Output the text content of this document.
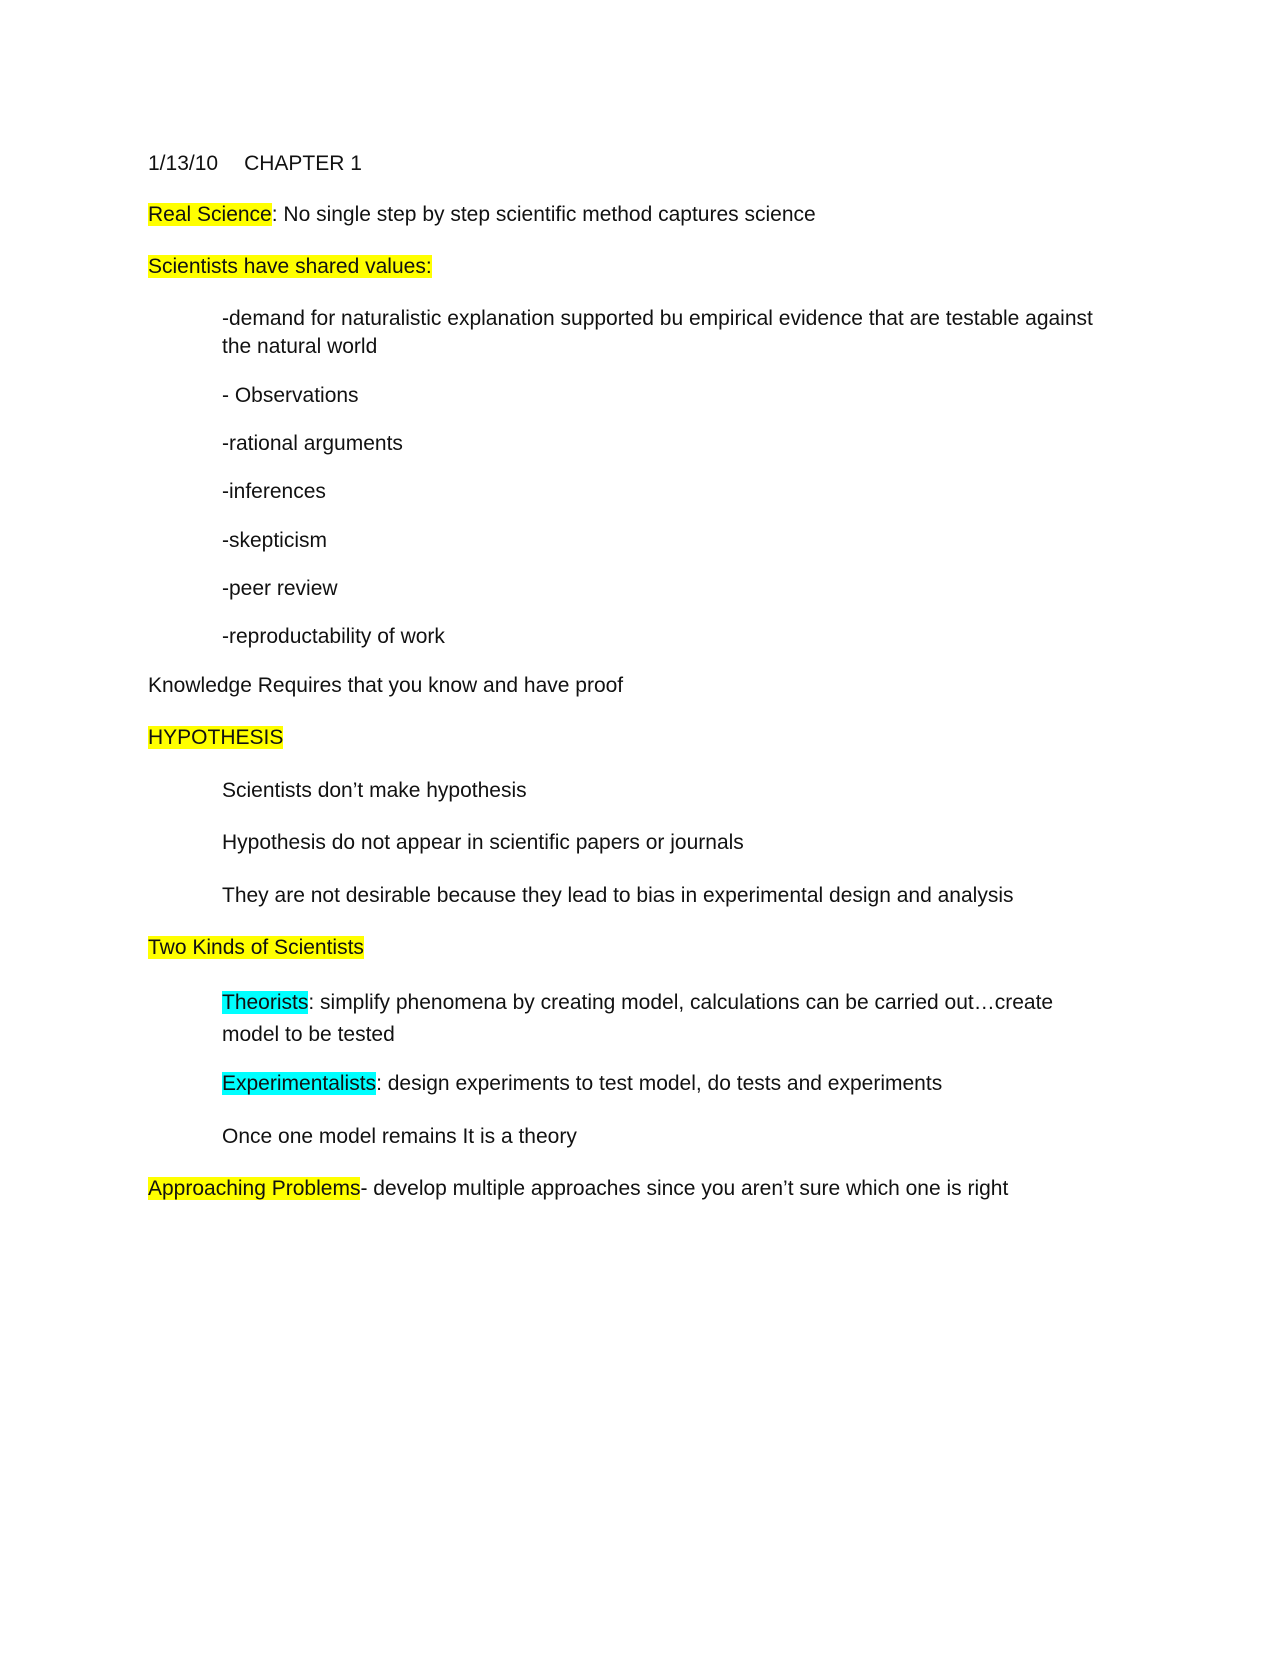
1/13/10 CHAPTER 1
Real Science: No single step by step scientific method captures science
Scientists have shared values:
-demand for naturalistic explanation supported bu empirical evidence that are testable against the natural world
- Observations
-rational arguments
-inferences
-skepticism
-peer review
-reproductability of work
Knowledge Requires that you know and have proof
HYPOTHESIS
Scientists don’t make hypothesis
Hypothesis do not appear in scientific papers or journals
They are not desirable because they lead to bias in experimental design and analysis
Two Kinds of Scientists
Theorists: simplify phenomena by creating model, calculations can be carried out…create model to be tested
Experimentalists: design experiments to test model, do tests and experiments
Once one model remains It is a theory
Approaching Problems- develop multiple approaches since you aren’t sure which one is right
